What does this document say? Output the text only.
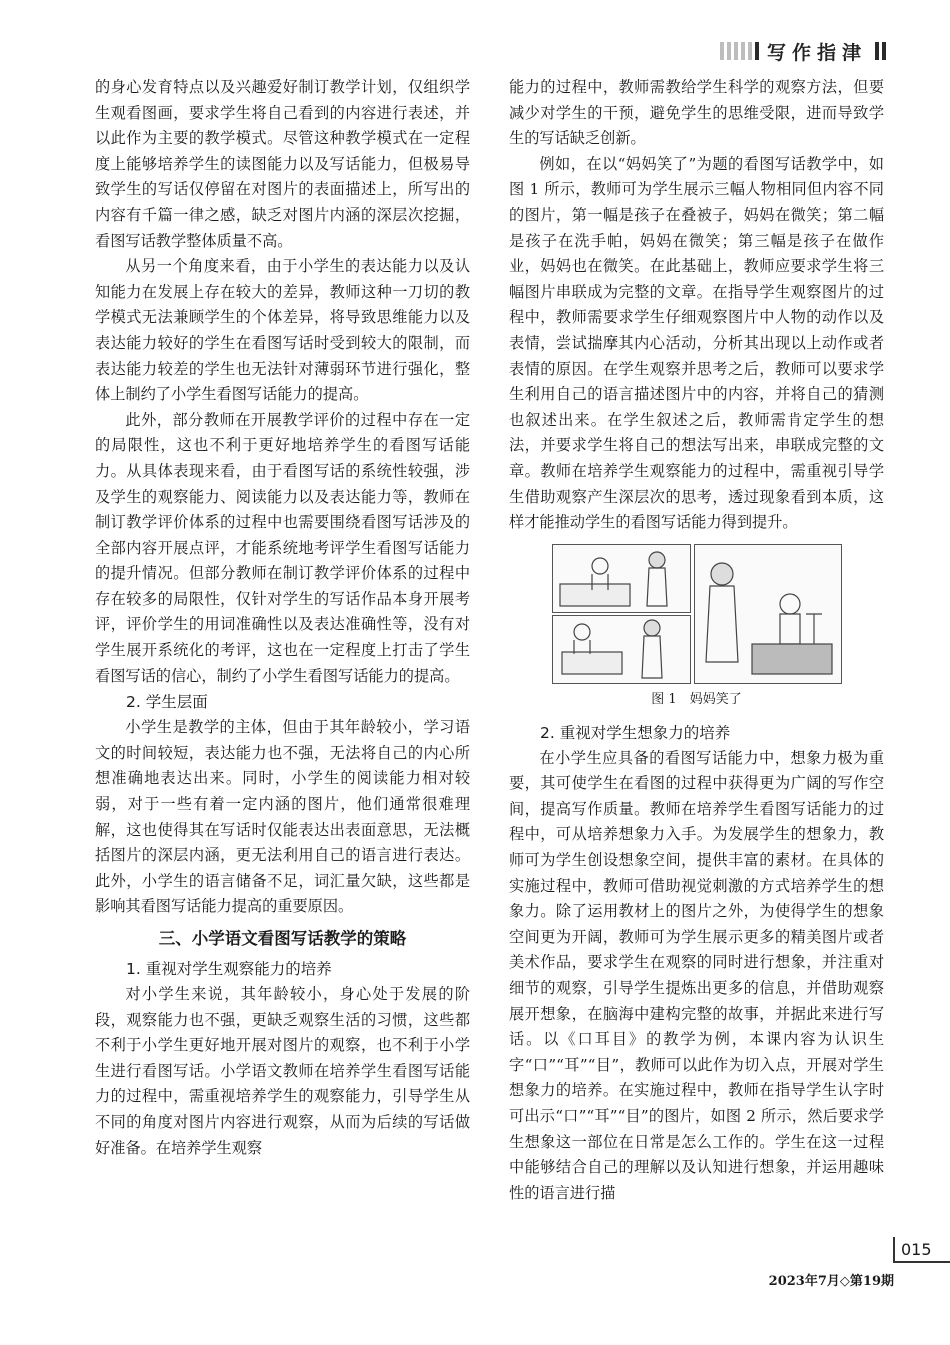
写作指津

的身心发育特点以及兴趣爱好制订教学计划，仅组织学生观看图画，要求学生将自己看到的内容进行表述，并以此作为主要的教学模式。尽管这种教学模式在一定程度上能够培养学生的读图能力以及写话能力，但极易导致学生的写话仅停留在对图片的表面描述上，所写出的内容有千篇一律之感，缺乏对图片内涵的深层次挖掘，看图写话教学整体质量不高。

从另一个角度来看，由于小学生的表达能力以及认知能力在发展上存在较大的差异，教师这种一刀切的教学模式无法兼顾学生的个体差异，将导致思维能力以及表达能力较好的学生在看图写话时受到较大的限制，而表达能力较差的学生也无法针对薄弱环节进行强化，整体上制约了小学生看图写话能力的提高。

此外，部分教师在开展教学评价的过程中存在一定的局限性，这也不利于更好地培养学生的看图写话能力。从具体表现来看，由于看图写话的系统性较强，涉及学生的观察能力、阅读能力以及表达能力等，教师在制订教学评价体系的过程中也需要围绕看图写话涉及的全部内容开展点评，才能系统地考评学生看图写话能力的提升情况。但部分教师在制订教学评价体系的过程中存在较多的局限性，仅针对学生的写话作品本身开展考评，评价学生的用词准确性以及表达准确性等，没有对学生展开系统化的考评，这也在一定程度上打击了学生看图写话的信心，制约了小学生看图写话能力的提高。

2. 学生层面

小学生是教学的主体，但由于其年龄较小，学习语文的时间较短，表达能力也不强，无法将自己的内心所想准确地表达出来。同时，小学生的阅读能力相对较弱，对于一些有着一定内涵的图片，他们通常很难理解，这也使得其在写话时仅能表达出表面意思，无法概括图片的深层内涵，更无法利用自己的语言进行表达。此外，小学生的语言储备不足，词汇量欠缺，这些都是影响其看图写话能力提高的重要原因。

三、小学语文看图写话教学的策略
1. 重视对学生观察能力的培养

对小学生来说，其年龄较小，身心处于发展的阶段，观察能力也不强，更缺乏观察生活的习惯，这些都不利于小学生更好地开展对图片的观察，也不利于小学生进行看图写话。小学语文教师在培养学生看图写话能力的过程中，需重视培养学生的观察能力，引导学生从不同的角度对图片内容进行观察，从而为后续的写话做好准备。在培养学生观察

能力的过程中，教师需教给学生科学的观察方法，但要减少对学生的干预，避免学生的思维受限，进而导致学生的写话缺乏创新。

例如，在以“妈妈笑了”为题的看图写话教学中，如图 1 所示，教师可为学生展示三幅人物相同但内容不同的图片，第一幅是孩子在叠被子，妈妈在微笑；第二幅是孩子在洗手帕，妈妈在微笑；第三幅是孩子在做作业，妈妈也在微笑。在此基础上，教师应要求学生将三幅图片串联成为完整的文章。在指导学生观察图片的过程中，教师需要求学生仔细观察图片中人物的动作以及表情，尝试揣摩其内心活动，分析其出现以上动作或者表情的原因。在学生观察并思考之后，教师可以要求学生利用自己的语言描述图片中的内容，并将自己的猜测也叙述出来。在学生叙述之后，教师需肯定学生的想法，并要求学生将自己的想法写出来，串联成完整的文章。教师在培养学生观察能力的过程中，需重视引导学生借助观察产生深层次的思考，透过现象看到本质，这样才能推动学生的看图写话能力得到提升。

图 1　妈妈笑了
2. 重视对学生想象力的培养

在小学生应具备的看图写话能力中，想象力极为重要，其可使学生在看图的过程中获得更为广阔的写作空间，提高写作质量。教师在培养学生看图写话能力的过程中，可从培养想象力入手。为发展学生的想象力，教师可为学生创设想象空间，提供丰富的素材。在具体的实施过程中，教师可借助视觉刺激的方式培养学生的想象力。除了运用教材上的图片之外，为使得学生的想象空间更为开阔，教师可为学生展示更多的精美图片或者美术作品，要求学生在观察的同时进行想象，并注重对细节的观察，引导学生提炼出更多的信息，并借助观察展开想象，在脑海中建构完整的故事，并据此来进行写话。以《口耳目》的教学为例，本课内容为认识生字“口”“耳”“目”，教师可以此作为切入点，开展对学生想象力的培养。在实施过程中，教师在指导学生认字时可出示“口”“耳”“目”的图片，如图 2 所示，然后要求学生想象这一部位在日常是怎么工作的。学生在这一过程中能够结合自己的理解以及认知进行想象，并运用趣味性的语言进行描

015
2023年7月◇第19期
